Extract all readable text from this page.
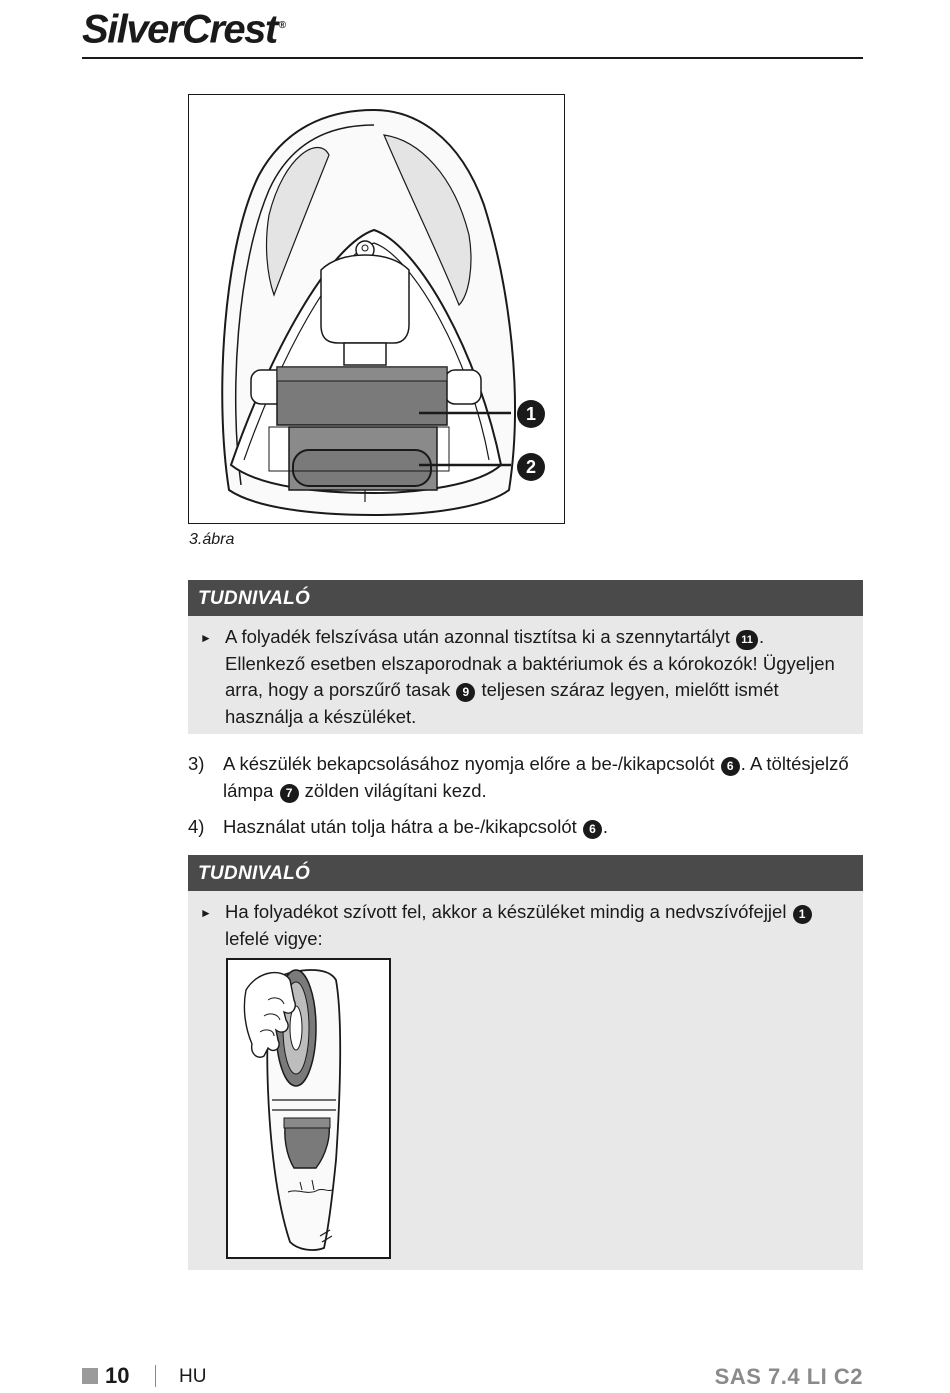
SilverCrest ®
1
2
3.ábra
TUDNIVALÓ
► A folyadék felszívása után azonnal tisztítsa ki a szennytartályt 11 . Ellenkező esetben elszaporodnak a baktériumok és a kórokozók! Ügyeljen arra, hogy a porszűrő tasak 9 teljesen száraz legyen, mielőtt ismét használja a készüléket.
3)	A készülék bekapcsolásához nyomja előre a be-/kikapcsolót 6 . A töltésjelző lámpa 7 zölden világítani kezd.
4)	Használat után tolja hátra a be-/kikapcsolót 6 .
TUDNIVALÓ
► Ha folyadékot szívott fel, akkor a készüléket mindig a nedvszívófejjel 1 lefelé vigye:
10	HU	SAS 7.4 LI C2
